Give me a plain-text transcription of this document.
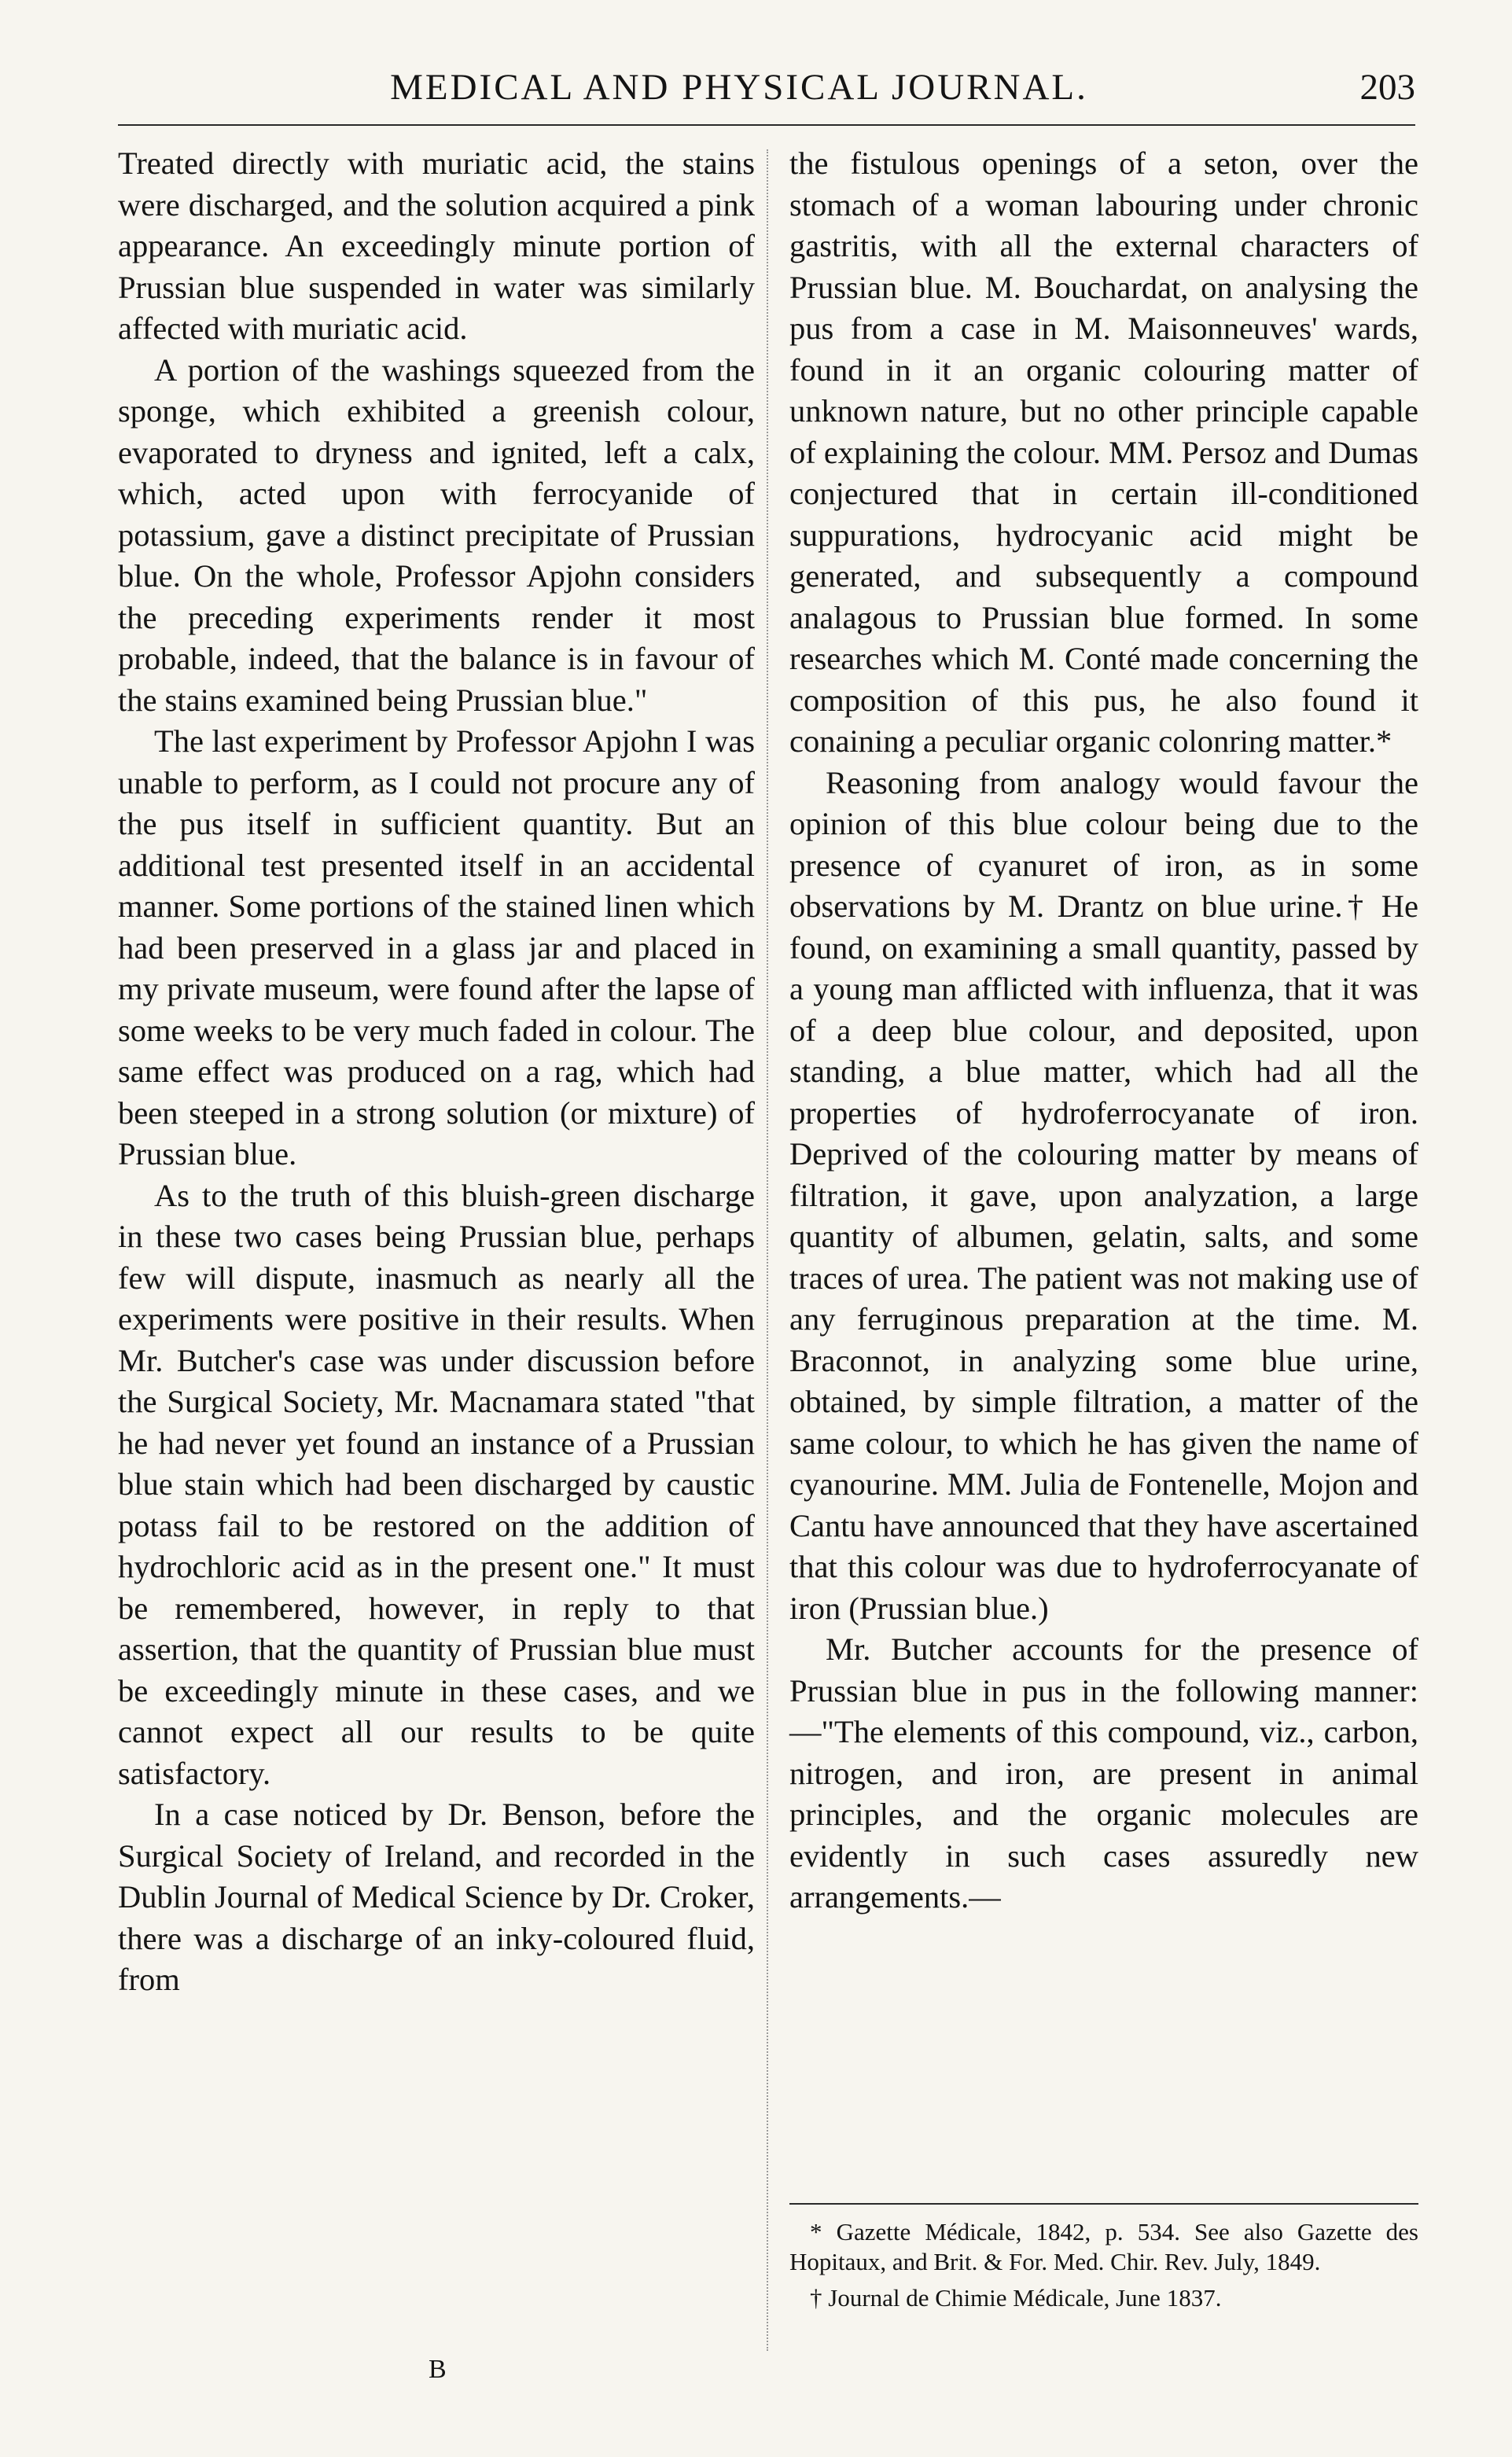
MEDICAL AND PHYSICAL JOURNAL.	203

Treated directly with muriatic acid, the stains were discharged, and the solution acquired a pink appearance. An exceedingly minute portion of Prussian blue suspended in water was similarly affected with muriatic acid.

A portion of the washings squeezed from the sponge, which exhibited a greenish colour, evaporated to dryness and ignited, left a calx, which, acted upon with ferrocyanide of potassium, gave a distinct precipitate of Prussian blue. On the whole, Professor Apjohn considers the preceding experiments render it most probable, indeed, that the balance is in favour of the stains examined being Prussian blue."

The last experiment by Professor Apjohn I was unable to perform, as I could not procure any of the pus itself in sufficient quantity. But an additional test presented itself in an accidental manner. Some portions of the stained linen which had been preserved in a glass jar and placed in my private museum, were found after the lapse of some weeks to be very much faded in colour. The same effect was produced on a rag, which had been steeped in a strong solution (or mixture) of Prussian blue.

As to the truth of this bluish-green discharge in these two cases being Prussian blue, perhaps few will dispute, inasmuch as nearly all the experiments were positive in their results. When Mr. Butcher's case was under discussion before the Surgical Society, Mr. Macnamara stated "that he had never yet found an instance of a Prussian blue stain which had been discharged by caustic potass fail to be restored on the addition of hydrochloric acid as in the present one." It must be remembered, however, in reply to that assertion, that the quantity of Prussian blue must be exceedingly minute in these cases, and we cannot expect all our results to be quite satisfactory.

In a case noticed by Dr. Benson, before the Surgical Society of Ireland, and recorded in the Dublin Journal of Medical Science by Dr. Croker, there was a discharge of an inky-coloured fluid, from

the fistulous openings of a seton, over the stomach of a woman labouring under chronic gastritis, with all the external characters of Prussian blue. M. Bouchardat, on analysing the pus from a case in M. Maisonneuves' wards, found in it an organic colouring matter of unknown nature, but no other principle capable of explaining the colour. MM. Persoz and Dumas conjectured that in certain ill-conditioned suppurations, hydrocyanic acid might be generated, and subsequently a compound analagous to Prussian blue formed. In some researches which M. Conté made concerning the composition of this pus, he also found it conaining a peculiar organic colonring matter.*

Reasoning from analogy would favour the opinion of this blue colour being due to the presence of cyanuret of iron, as in some observations by M. Drantz on blue urine.† He found, on examining a small quantity, passed by a young man afflicted with influenza, that it was of a deep blue colour, and deposited, upon standing, a blue matter, which had all the properties of hydroferrocyanate of iron. Deprived of the colouring matter by means of filtration, it gave, upon analyzation, a large quantity of albumen, gelatin, salts, and some traces of urea. The patient was not making use of any ferruginous preparation at the time. M. Braconnot, in analyzing some blue urine, obtained, by simple filtration, a matter of the same colour, to which he has given the name of cyanourine. MM. Julia de Fontenelle, Mojon and Cantu have announced that they have ascertained that this colour was due to hydroferrocyanate of iron (Prussian blue.)

Mr. Butcher accounts for the presence of Prussian blue in pus in the following manner:—"The elements of this compound, viz., carbon, nitrogen, and iron, are present in animal principles, and the organic molecules are evidently in such cases assuredly new arrangements.—

* Gazette Médicale, 1842, p. 534. See also Gazette des Hopitaux, and Brit. & For. Med. Chir. Rev. July, 1849.

† Journal de Chimie Médicale, June 1837.

B
